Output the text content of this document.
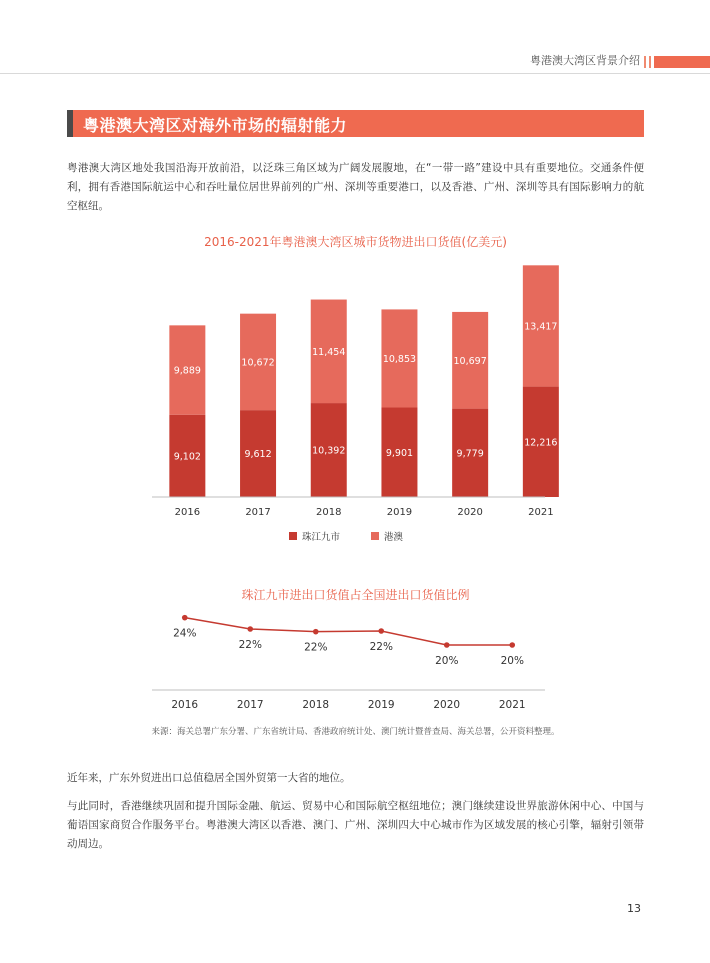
粤港澳大湾区背景介绍
粤港澳大湾区对海外市场的辐射能力

粤港澳大湾区地处我国沿海开放前沿，以泛珠三角区域为广阔发展腹地，在“一带一路”建设中具有重要地位。交通条件便利，拥有香港国际航运中心和吞吐量位居世界前列的广州、深圳等重要港口，以及香港、广州、深圳等具有国际影响力的航空枢纽。

2016-2021年粤港澳大湾区城市货物进出口货值(亿美元)
9,102
9,889
9,612
10,672
10,392
11,454
9,901
10,853
9,779
10,697
12,216
13,417
2016	2017	2018	2019	2020	2021
珠江九市	港澳
珠江九市进出口货值占全国进出口货值比例
24%
22%	22%	22%
20%	20%
2016	2017	2018	2019	2020	2021
来源：海关总署广东分署、广东省统计局、香港政府统计处、澳门统计暨普查局、海关总署，公开资料整理。

近年来，广东外贸进出口总值稳居全国外贸第一大省的地位。

与此同时，香港继续巩固和提升国际金融、航运、贸易中心和国际航空枢纽地位；澳门继续建设世界旅游休闲中心、中国与葡语国家商贸合作服务平台。粤港澳大湾区以香港、澳门、广州、深圳四大中心城市作为区域发展的核心引擎，辐射引领带动周边。

13
